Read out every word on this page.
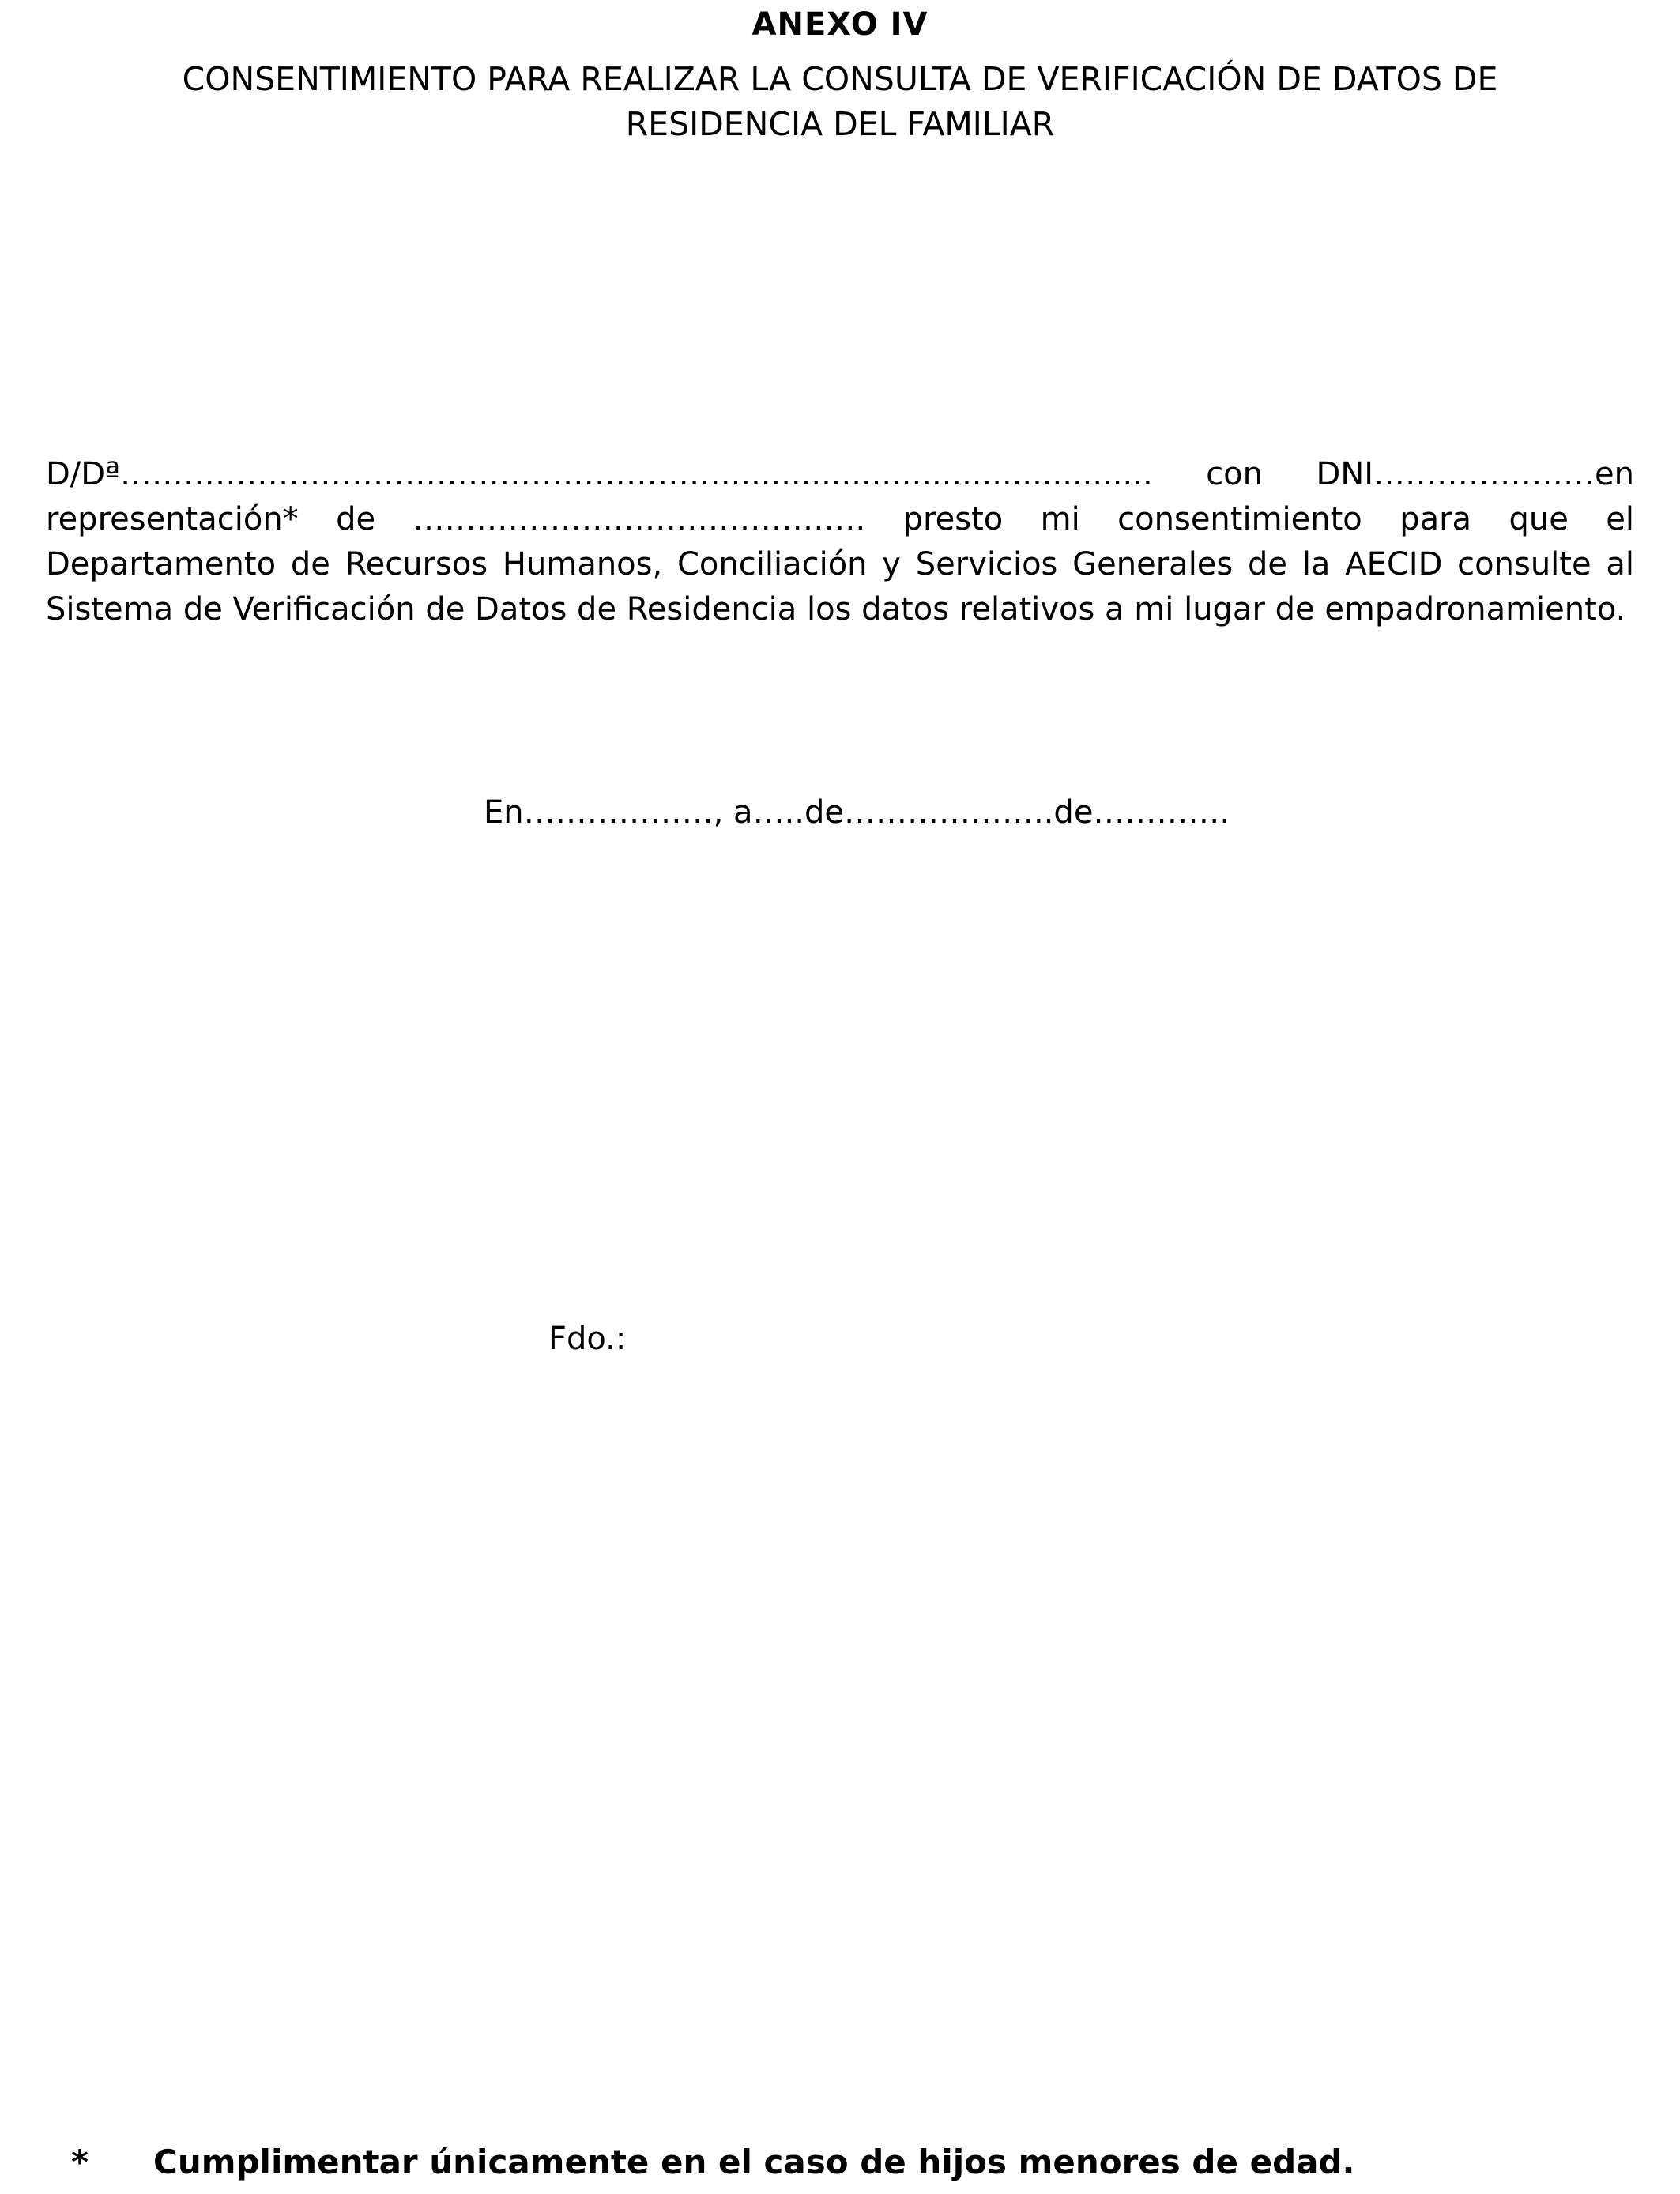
ANEXO IV
CONSENTIMIENTO PARA REALIZAR LA CONSULTA DE VERIFICACIÓN DE DATOS DE
RESIDENCIA DEL FAMILIAR
D/Dª…………………………………………………........................................... con DNI…………………en
representación* de ……………………………………. presto mi consentimiento para que el
Departamento de Recursos Humanos, Conciliación y Servicios Generales de la AECID consulte al
Sistema de Verificación de Datos de Residencia los datos relativos a mi lugar de empadronamiento.
En………………, a…..de………………..de………….
Fdo.:
* Cumplimentar únicamente en el caso de hijos menores de edad.
